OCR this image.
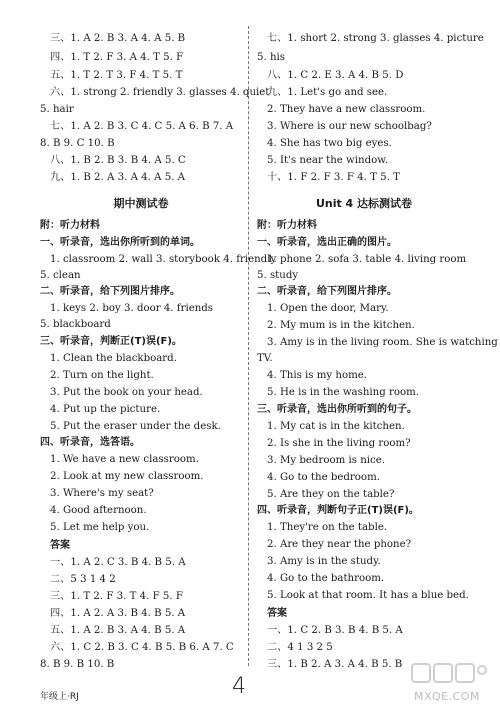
三、1. A 2. B 3. A 4. A 5. B
四、1. T 2. F 3. A 4. T 5. F
五、1. T 2. T 3. F 4. T 5. T
六、1. strong 2. friendly 3. glasses 4. quiet
5. hair
七、1. A 2. B 3. C 4. C 5. A 6. B 7. A
8. B 9. C 10. B
八、1. B 2. B 3. B 4. A 5. C
九、1. B 2. A 3. A 4. A 5. A
期中测试卷
附：听力材料
一、听录音，选出你所听到的单词。
1. classroom 2. wall 3. storybook 4. friendly
5. clean
二、听录音，给下列图片排序。
1. keys 2. boy 3. door 4. friends
5. blackboard
三、听录音，判断正(T)误(F)。
1. Clean the blackboard.
2. Turn on the light.
3. Put the book on your head.
4. Put up the picture.
5. Put the eraser under the desk.
四、听录音，选答语。
1. We have a new classroom.
2. Look at my new classroom.
3. Where's my seat?
4. Good afternoon.
5. Let me help you.
答案
一、1. A 2. C 3. B 4. B 5. A
二、5 3 1 4 2
三、1. T 2. F 3. T 4. F 5. F
四、1. A 2. A 3. B 4. B 5. A
五、1. A 2. B 3. A 4. B 5. A
六、1. C 2. B 3. C 4. B 5. B 6. A 7. C
8. B 9. B 10. B
年级上·RJ
七、1. short 2. strong 3. glasses 4. picture
5. his
八、1. C 2. E 3. A 4. B 5. D
九、1. Let's go and see.
2. They have a new classroom.
3. Where is our new schoolbag?
4. She has two big eyes.
5. It's near the window.
十、1. F 2. F 3. F 4. T 5. T
Unit 4 达标测试卷
附：听力材料
一、听录音，选出正确的图片。
1. phone 2. sofa 3. table 4. living room
5. study
二、听录音，给下列图片排序。
1. Open the door, Mary.
2. My mum is in the kitchen.
3. Amy is in the living room. She is watching
TV.
4. This is my home.
5. He is in the washing room.
三、听录音，选出你所听到的句子。
1. My cat is in the kitchen.
2. Is she in the living room?
3. My bedroom is nice.
4. Go to the bedroom.
5. Are they on the table?
四、听录音，判断句子正(T)误(F)。
1. They're on the table.
2. Are they near the phone?
3. Amy is in the study.
4. Go to the bathroom.
5. Look at that room. It has a blue bed.
答案
一、1. C 2. B 3. B 4. B 5. A
二、4 1 3 2 5
三、1. B 2. A 3. A 4. B 5. B
4	MXQE.COM
